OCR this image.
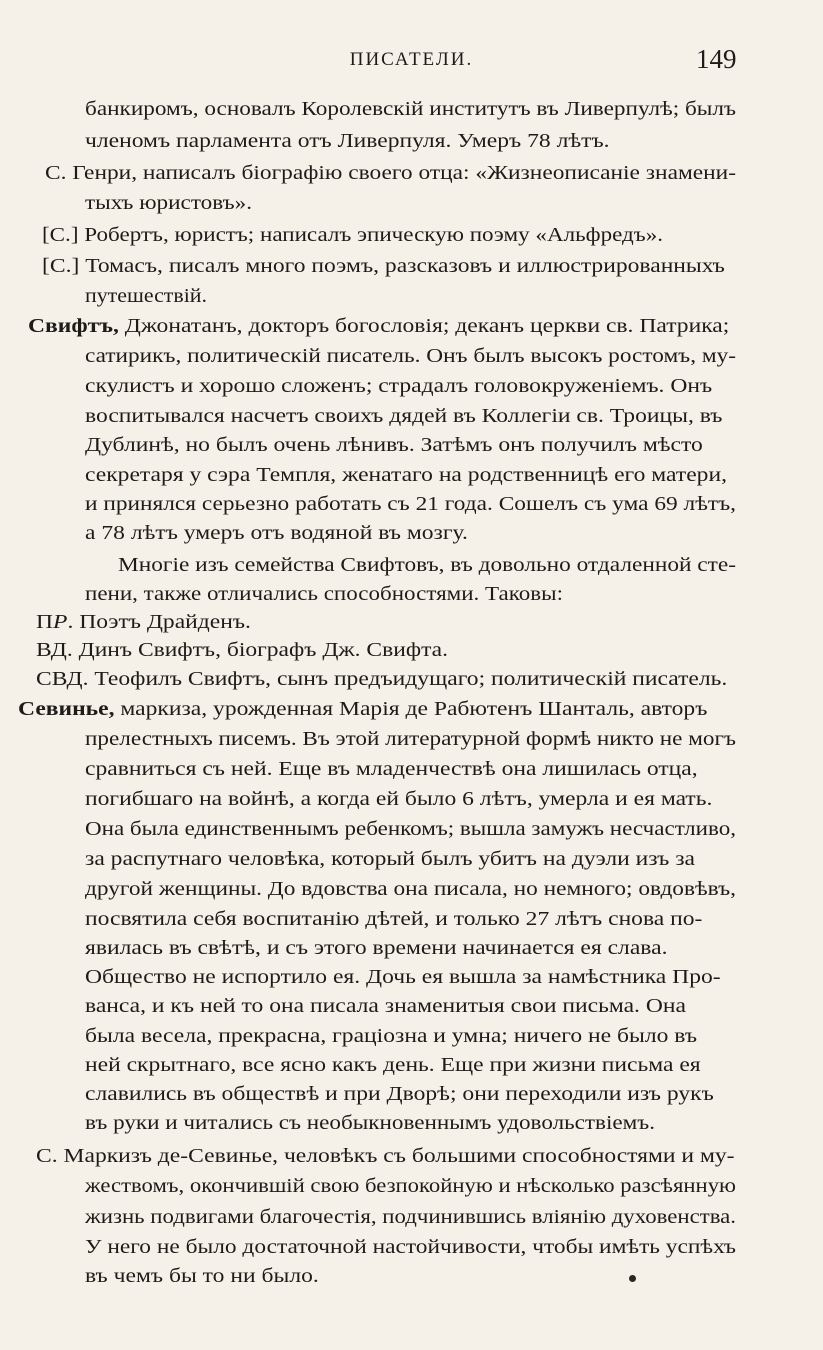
ПИСАТЕЛИ.	149
банкиромъ, основалъ Королевскій институтъ въ Ливерпулѣ; былъ
членомъ парламента отъ Ливерпуля. Умеръ 78 лѣтъ.
С. Генри, написалъ біографію своего отца: «Жизнеописаніе знамени-
тыхъ юристовъ».
[С.] Робертъ, юристъ; написалъ эпическую поэму «Альфредъ».
[С.] Томасъ, писалъ много поэмъ, разсказовъ и иллюстрированныхъ
путешествій.
Свифтъ, Джонатанъ, докторъ богословія; деканъ церкви св. Патрика;
сатирикъ, политическій писатель. Онъ былъ высокъ ростомъ, му-
скулистъ и хорошо сложенъ; страдалъ головокруженіемъ. Онъ
воспитывался насчетъ своихъ дядей въ Коллегіи св. Троицы, въ
Дублинѣ, но былъ очень лѣнивъ. Затѣмъ онъ получилъ мѣсто
секретаря у сэра Темпля, женатаго на родственницѣ его матери,
и принялся серьезно работать съ 21 года. Сошелъ съ ума 69 лѣтъ,
а 78 лѣтъ умеръ отъ водяной въ мозгу.
Многіе изъ семейства Свифтовъ, въ довольно отдаленной сте-
пени, также отличались способностями. Таковы:
ПР. Поэтъ Драйденъ.
ВД. Динъ Свифтъ, біографъ Дж. Свифта.
СВД. Теофилъ Свифтъ, сынъ предъидущаго; политическій писатель.
Севинье, маркиза, урожденная Марія де Рабютенъ Шанталь, авторъ
прелестныхъ писемъ. Въ этой литературной формѣ никто не могъ
сравниться съ ней. Еще въ младенчествѣ она лишилась отца,
погибшаго на войнѣ, а когда ей было 6 лѣтъ, умерла и ея мать.
Она была единственнымъ ребенкомъ; вышла замужъ несчастливо,
за распутнаго человѣка, который былъ убитъ на дуэли изъ за
другой женщины. До вдовства она писала, но немного; овдовѣвъ,
посвятила себя воспитанію дѣтей, и только 27 лѣтъ снова по-
явилась въ свѣтѣ, и съ этого времени начинается ея слава.
Общество не испортило ея. Дочь ея вышла за намѣстника Про-
ванса, и къ ней то она писала знаменитыя свои письма. Она
была весела, прекрасна, граціозна и умна; ничего не было въ
ней скрытнаго, все ясно какъ день. Еще при жизни письма ея
славились въ обществѣ и при Дворѣ; они переходили изъ рукъ
въ руки и читались съ необыкновеннымъ удовольствіемъ.
С. Маркизъ де-Севинье, человѣкъ съ большими способностями и му-
жествомъ, окончившій свою безпокойную и нѣсколько разсѣянную
жизнь подвигами благочестія, подчинившись вліянію духовенства.
У него не было достаточной настойчивости, чтобы имѣть успѣхъ
въ чемъ бы то ни было.
